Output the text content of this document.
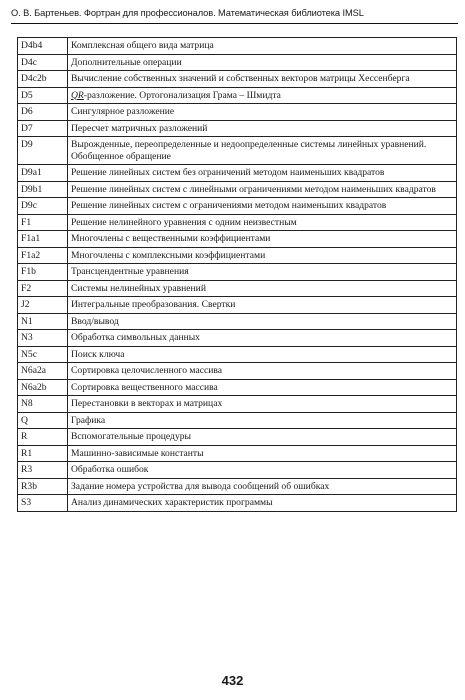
О. В. Бартеньев. Фортран для профессионалов. Математическая библиотека IMSL
D4b4	Комплексная общего вида матрица
D4c	Дополнительные операции
D4c2b	Вычисление собственных значений и собственных векторов матрицы Хессенберга
D5	QR-разложение. Ортогонализация Грама – Шмидта
D6	Сингулярное разложение
D7	Пересчет матричных разложений
D9	Вырожденные, переопределенные и недоопределенные системы линейных уравнений. Обобщенное обращение
D9a1	Решение линейных систем без ограничений методом наименьших квадратов
D9b1	Решение линейных систем с линейными ограничениями методом наименьших квадратов
D9c	Решение линейных систем с ограничениями методом наименьших квадратов
F1	Решение нелинейного уравнения с одним неизвестным
F1a1	Многочлены с вещественными коэффициентами
F1a2	Многочлены с комплексными коэффициентами
F1b	Трансцендентные уравнения
F2	Системы нелинейных уравнений
J2	Интегральные преобразования. Свертки
N1	Ввод/вывод
N3	Обработка символьных данных
N5c	Поиск ключа
N6a2a	Сортировка целочисленного массива
N6a2b	Сортировка вещественного массива
N8	Перестановки в векторах и матрицах
Q	Графика
R	Вспомогательные процедуры
R1	Машинно-зависимые константы
R3	Обработка ошибок
R3b	Задание номера устройства для вывода сообщений об ошибках
S3	Анализ динамических характеристик программы
432
